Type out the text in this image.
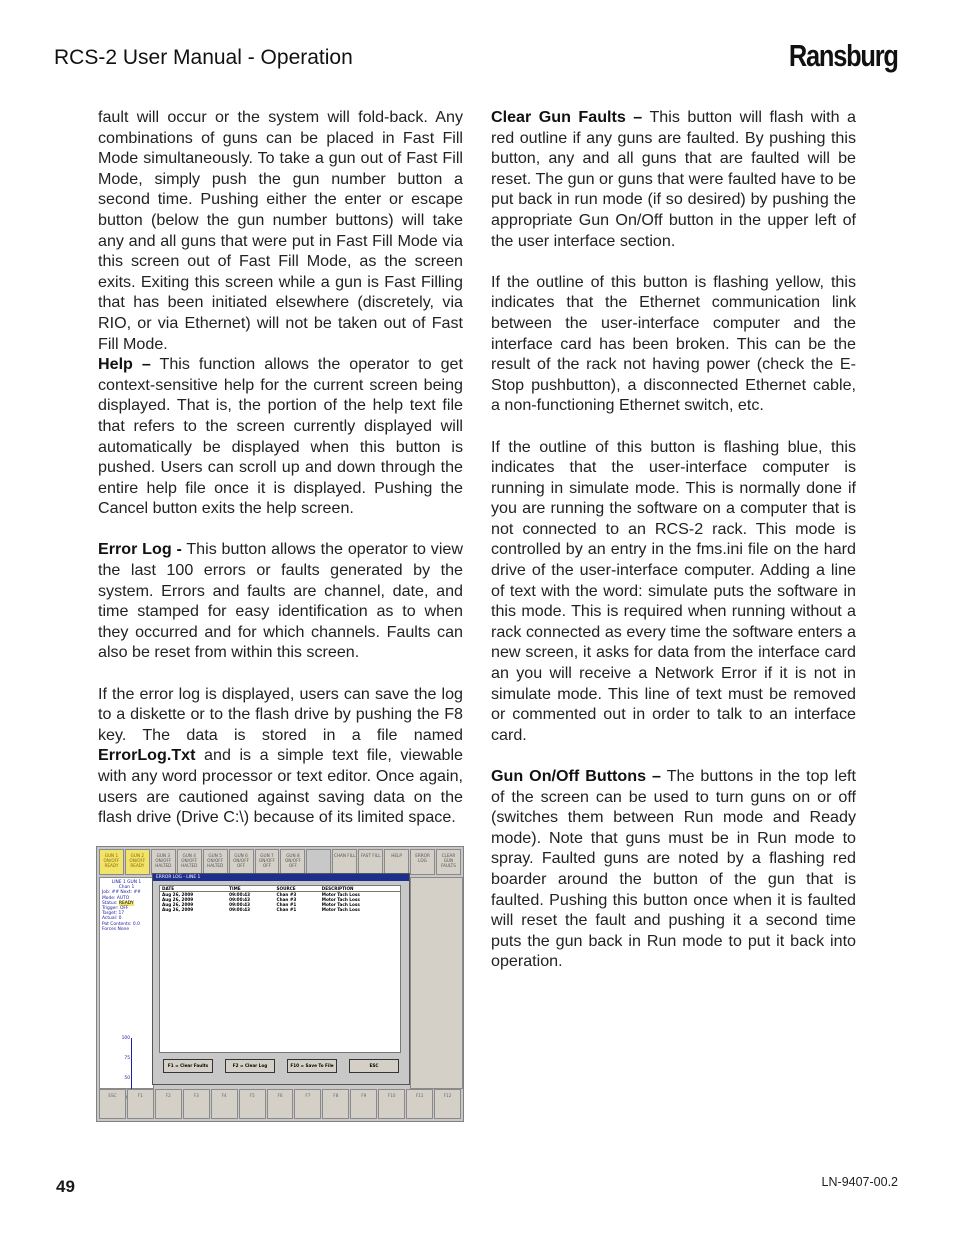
RCS-2 User Manual - Operation	Ransburg

fault will occur or the system will fold-back. Any combinations of guns can be placed in Fast Fill Mode simultaneously. To take a gun out of Fast Fill Mode, simply push the gun number button a second time. Pushing either the enter or escape button (below the gun number buttons) will take any and all guns that were put in Fast Fill Mode via this screen out of Fast Fill Mode, as the screen exits. Exiting this screen while a gun is Fast Filling that has been initiated elsewhere (discretely, via RIO, or via Ethernet) will not be taken out of Fast Fill Mode.

Help – This function allows the operator to get context-sensitive help for the current screen being displayed. That is, the portion of the help text file that refers to the screen currently displayed will automatically be displayed when this button is pushed. Users can scroll up and down through the entire help file once it is displayed. Pushing the Cancel button exits the help screen.

Error Log - This button allows the operator to view the last 100 errors or faults generated by the system. Errors and faults are channel, date, and time stamped for easy identification as to when they occurred and for which channels. Faults can also be reset from within this screen.

If the error log is displayed, users can save the log to a diskette or to the flash drive by pushing the F8 key. The data is stored in a file named ErrorLog.Txt and is a simple text file, viewable with any word processor or text editor. Once again, users are cautioned against saving data on the flash drive (Drive C:\) because of its limited space.

Clear Gun Faults – This button will flash with a red outline if any guns are faulted. By pushing this button, any and all guns that are faulted will be reset. The gun or guns that were faulted have to be put back in run mode (if so desired) by pushing the appropriate Gun On/Off button in the upper left of the user interface section.

If the outline of this button is flashing yellow, this indicates that the Ethernet communication link between the user-interface computer and the interface card has been broken. This can be the result of the rack not having power (check the E-Stop pushbutton), a disconnected Ethernet cable, a non-functioning Ethernet switch, etc.

If the outline of this button is flashing blue, this indicates that the user-interface computer is running in simulate mode. This is normally done if you are running the software on a computer that is not connected to an RCS-2 rack. This mode is controlled by an entry in the fms.ini file on the hard drive of the user-interface computer. Adding a line of text with the word: simulate puts the software in this mode. This is required when running without a rack connected as every time the software enters a new screen, it asks for data from the interface card an you will receive a Network Error if it is not in simulate mode. This line of text must be removed or commented out in order to talk to an interface card.

Gun On/Off Buttons – The buttons in the top left of the screen can be used to turn guns on or off (switches them between Run mode and Ready mode). Note that guns must be in Run mode to spray. Faulted guns are noted by a flashing red boarder around the button of the gun that is faulted. Pushing this button once when it is faulted will reset the fault and pushing it a second time puts the gun back in Run mode to put it back into operation.

GUN 1 ON/OFF READY
GUN 2 ON/OFF READY
GUN 3 ON/OFF HALTED
GUN 4 ON/OFF HALTED
GUN 5 ON/OFF HALTED
GUN 6 ON/OFF OFF
GUN 7 ON/OFF OFF
GUN 8 ON/OFF OFF
CHAN FILL	FAST FILL	HELP	ERROR LOG
CLEAR GUN FAULTS
LINE 1 GUN 1
Chan 1
Job: ## Next: ##
Mode: AUTO
Status: READY
Trigger: OFF
Target: 17
Actual: 0
Pot Contents: 0.0
Forces None
100
75
50
ERROR LOG - LINE 1
DATE	TIME	SOURCE	DESCRIPTION
Aug 26, 2009	09:00:43	Chan #3	Motor Tach Loss
Aug 26, 2009	09:00:43	Chan #3	Motor Tach Loss
Aug 26, 2009	09:00:43	Chan #1	Motor Tach Loss
Aug 26, 2009	09:00:43	Chan #1	Motor Tach Loss
F1 = Clear Faults	F2 = Clear Log	F10 = Save To File	ESC
ESC	F1	F2	F3	F4	F5	F6	F7	F8	F9	F10	F11	F12
49	LN-9407-00.2
